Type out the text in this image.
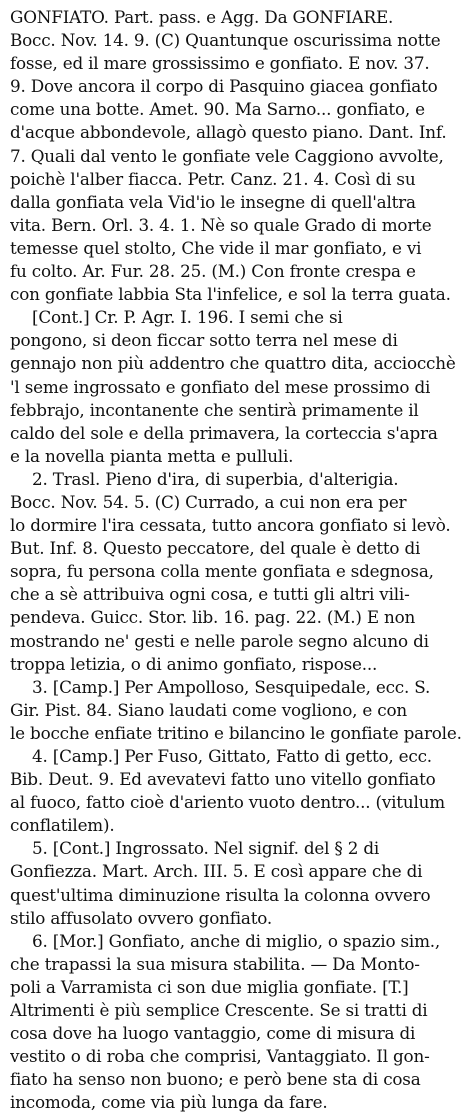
GONFIATO. Part. pass. e Agg. Da GONFIARE.
Bocc. Nov. 14. 9. (C) Quantunque oscurissima notte
fosse, ed il mare grossissimo e gonfiato. E nov. 37.
9. Dove ancora il corpo di Pasquino giacea gonfiato
come una botte. Amet. 90. Ma Sarno... gonfiato, e
d'acque abbondevole, allagò questo piano. Dant. Inf.
7. Quali dal vento le gonfiate vele Caggiono avvolte,
poichè l'alber fiacca. Petr. Canz. 21. 4. Così di su
dalla gonfiata vela Vid'io le insegne di quell'altra
vita. Bern. Orl. 3. 4. 1. Nè so quale Grado di morte
temesse quel stolto, Che vide il mar gonfiato, e vi
fu colto. Ar. Fur. 28. 25. (M.) Con fronte crespa e
con gonfiate labbia Sta l'infelice, e sol la terra guata.
[Cont.] Cr. P. Agr. I. 196. I semi che si
pongono, si deon ficcar sotto terra nel mese di
gennajo non più addentro che quattro dita, acciocchè
'l seme ingrossato e gonfiato del mese prossimo di
febbrajo, incontanente che sentirà primamente il
caldo del sole e della primavera, la corteccia s'apra
e la novella pianta metta e pulluli.
2. Trasl. Pieno d'ira, di superbia, d'alterigia.
Bocc. Nov. 54. 5. (C) Currado, a cui non era per
lo dormire l'ira cessata, tutto ancora gonfiato si levò.
But. Inf. 8. Questo peccatore, del quale è detto di
sopra, fu persona colla mente gonfiata e sdegnosa,
che a sè attribuiva ogni cosa, e tutti gli altri vili-
pendeva. Guicc. Stor. lib. 16. pag. 22. (M.) E non
mostrando ne' gesti e nelle parole segno alcuno di
troppa letizia, o di animo gonfiato, rispose...
3. [Camp.] Per Ampolloso, Sesquipedale, ecc. S.
Gir. Pist. 84. Siano laudati come vogliono, e con
le bocche enfiate tritino e bilancino le gonfiate parole.
4. [Camp.] Per Fuso, Gittato, Fatto di getto, ecc.
Bib. Deut. 9. Ed avevatevi fatto uno vitello gonfiato
al fuoco, fatto cioè d'ariento vuoto dentro... (vitulum
conflatilem).
5. [Cont.] Ingrossato. Nel signif. del § 2 di
Gonfiezza. Mart. Arch. III. 5. E così appare che di
quest'ultima diminuzione risulta la colonna ovvero
stilo affusolato ovvero gonfiato.
6. [Mor.] Gonfiato, anche di miglio, o spazio sim.,
che trapassi la sua misura stabilita. — Da Monto-
poli a Varramista ci son due miglia gonfiate. [T.]
Altrimenti è più semplice Crescente. Se si tratti di
cosa dove ha luogo vantaggio, come di misura di
vestito o di roba che comprisi, Vantaggiato. Il gon-
fiato ha senso non buono; e però bene sta di cosa
incomoda, come via più lunga da fare.
